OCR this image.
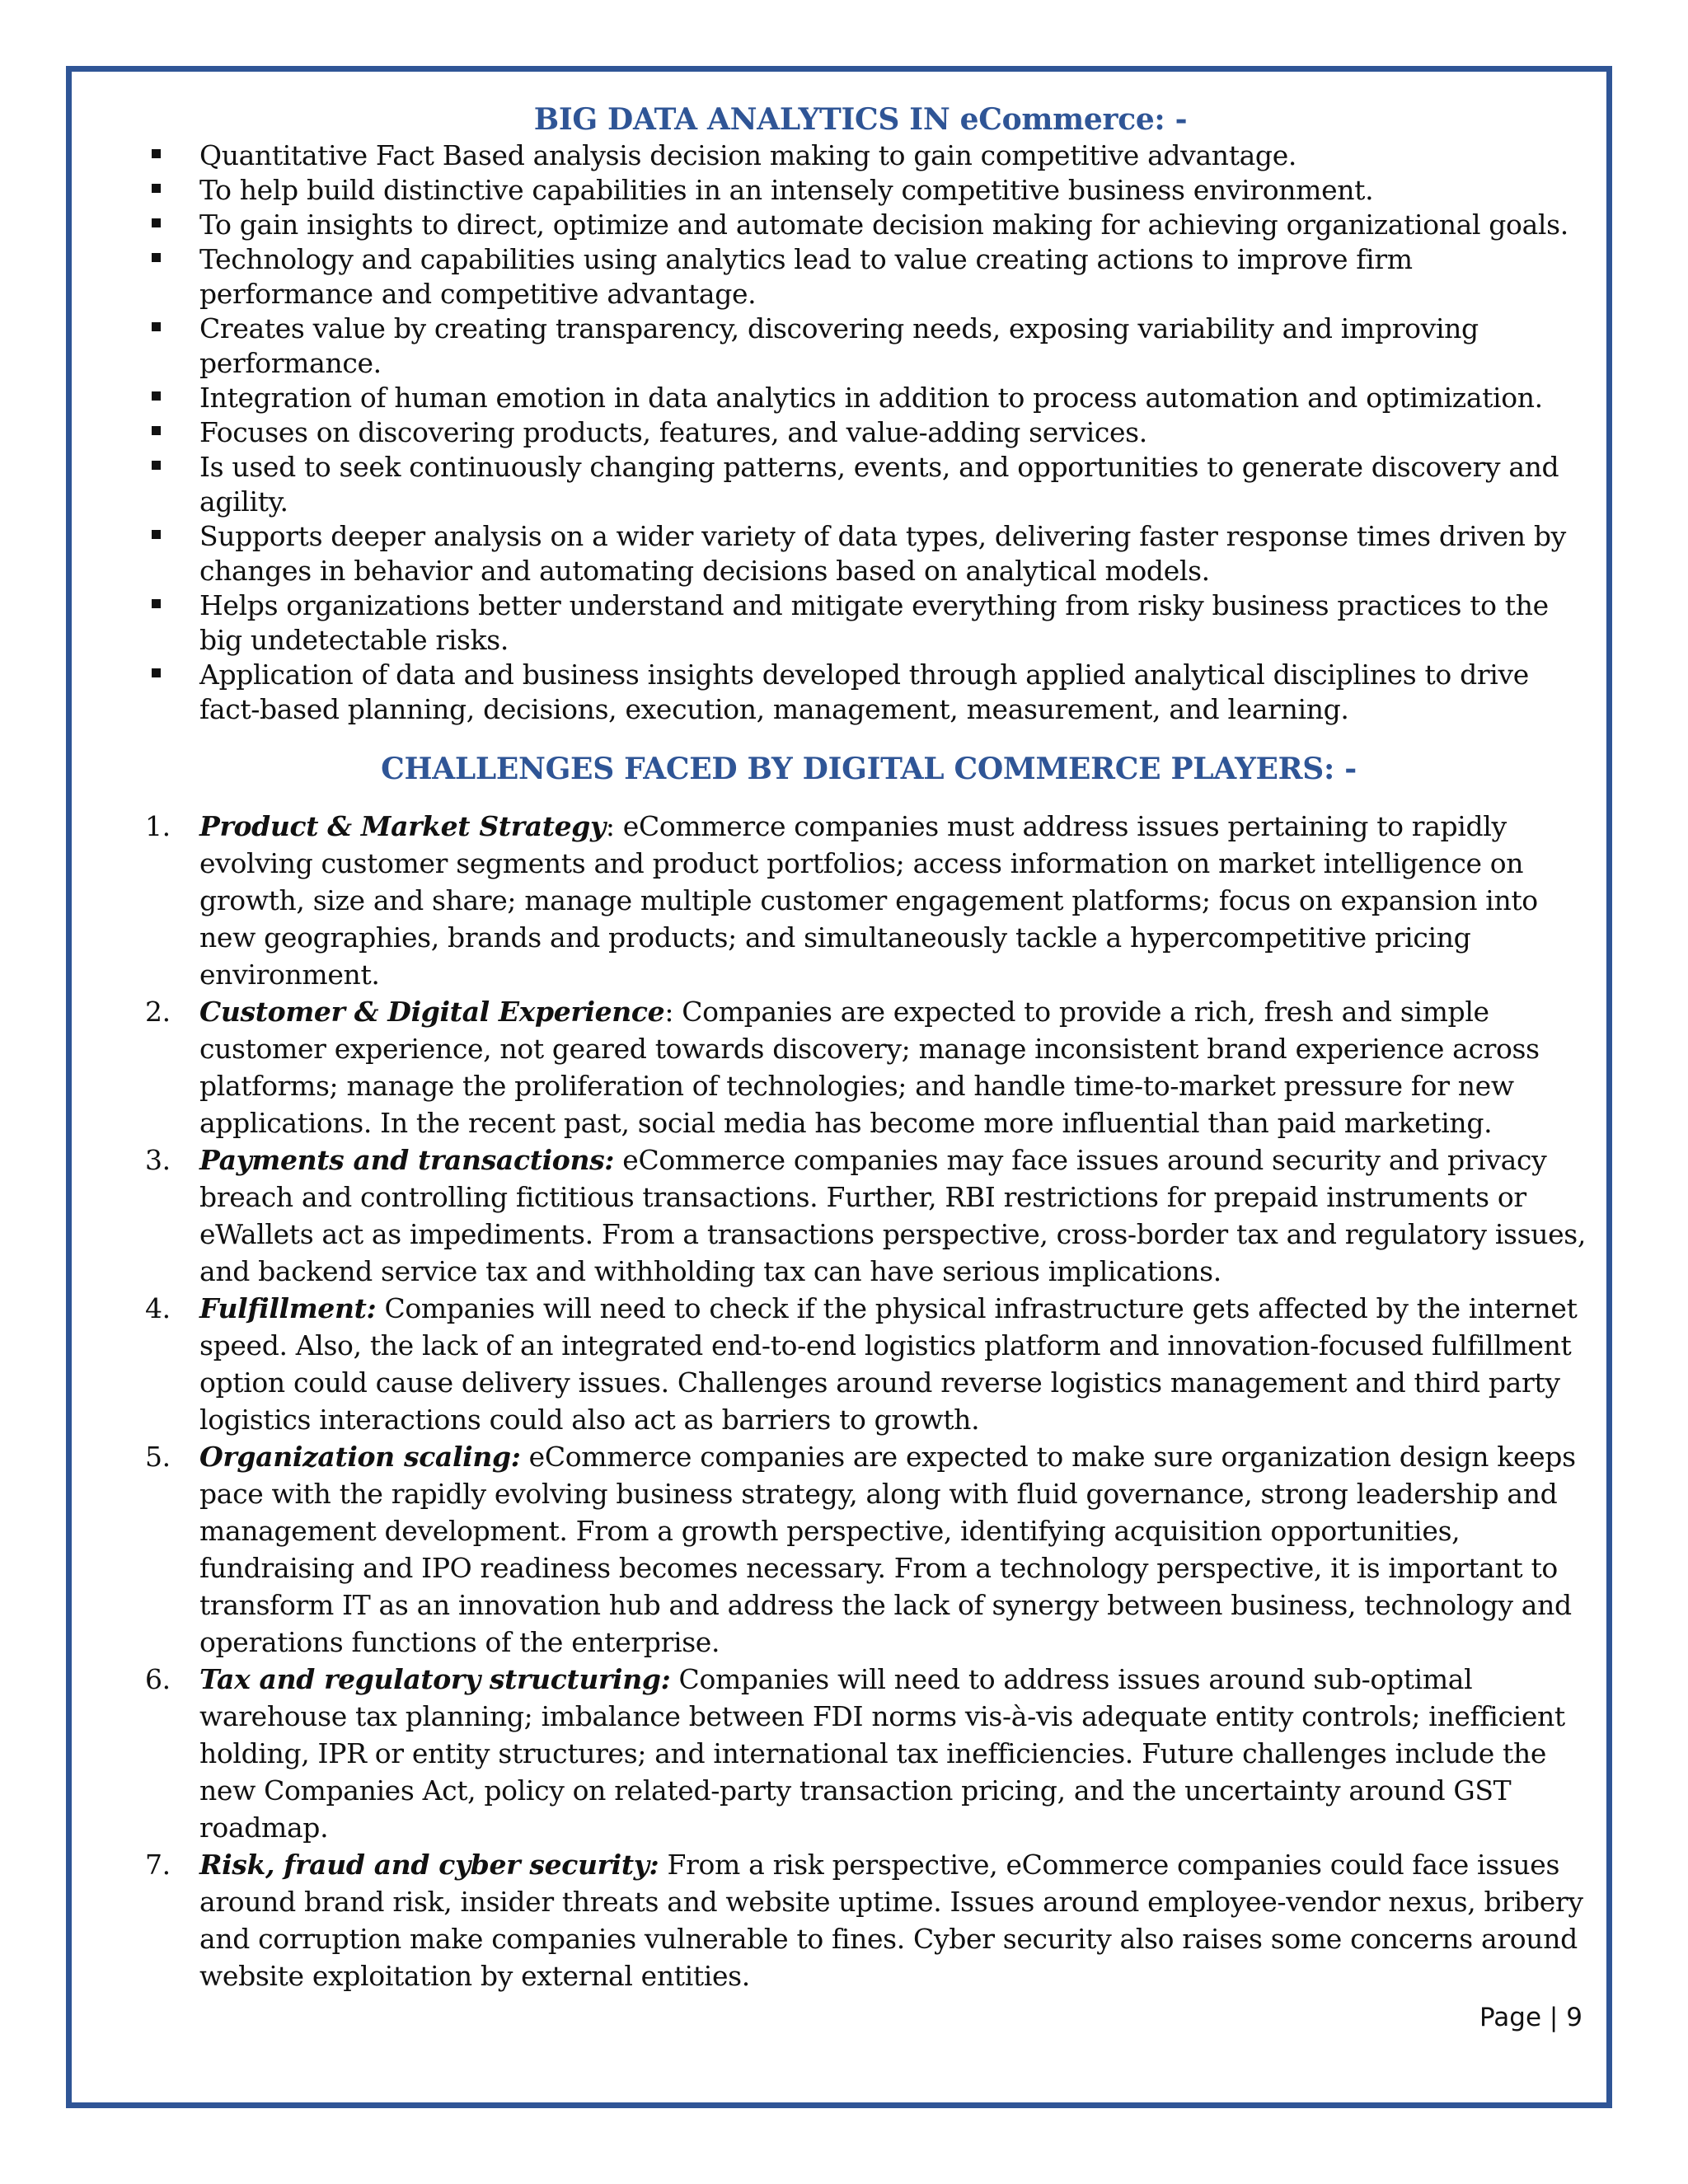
BIG DATA ANALYTICS IN eCommerce: -
Quantitative Fact Based analysis decision making to gain competitive advantage.
To help build distinctive capabilities in an intensely competitive business environment.
To gain insights to direct, optimize and automate decision making for achieving organizational goals.
Technology and capabilities using analytics lead to value creating actions to improve firm performance and competitive advantage.
Creates value by creating transparency, discovering needs, exposing variability and improving performance.
Integration of human emotion in data analytics in addition to process automation and optimization.
Focuses on discovering products, features, and value-adding services.
Is used to seek continuously changing patterns, events, and opportunities to generate discovery and agility.
Supports deeper analysis on a wider variety of data types, delivering faster response times driven by changes in behavior and automating decisions based on analytical models.
Helps organizations better understand and mitigate everything from risky business practices to the big undetectable risks.
Application of data and business insights developed through applied analytical disciplines to drive fact-based planning, decisions, execution, management, measurement, and learning.
CHALLENGES FACED BY DIGITAL COMMERCE PLAYERS: -
1. Product & Market Strategy: eCommerce companies must address issues pertaining to rapidly evolving customer segments and product portfolios; access information on market intelligence on growth, size and share; manage multiple customer engagement platforms; focus on expansion into new geographies, brands and products; and simultaneously tackle a hypercompetitive pricing environment.
2. Customer & Digital Experience: Companies are expected to provide a rich, fresh and simple customer experience, not geared towards discovery; manage inconsistent brand experience across platforms; manage the proliferation of technologies; and handle time-to-market pressure for new applications. In the recent past, social media has become more influential than paid marketing.
3. Payments and transactions: eCommerce companies may face issues around security and privacy breach and controlling fictitious transactions. Further, RBI restrictions for prepaid instruments or eWallets act as impediments. From a transactions perspective, cross-border tax and regulatory issues, and backend service tax and withholding tax can have serious implications.
4. Fulfillment: Companies will need to check if the physical infrastructure gets affected by the internet speed. Also, the lack of an integrated end-to-end logistics platform and innovation-focused fulfillment option could cause delivery issues. Challenges around reverse logistics management and third party logistics interactions could also act as barriers to growth.
5. Organization scaling: eCommerce companies are expected to make sure organization design keeps pace with the rapidly evolving business strategy, along with fluid governance, strong leadership and management development. From a growth perspective, identifying acquisition opportunities, fundraising and IPO readiness becomes necessary. From a technology perspective, it is important to transform IT as an innovation hub and address the lack of synergy between business, technology and operations functions of the enterprise.
6. Tax and regulatory structuring: Companies will need to address issues around sub-optimal warehouse tax planning; imbalance between FDI norms vis-à-vis adequate entity controls; inefficient holding, IPR or entity structures; and international tax inefficiencies. Future challenges include the new Companies Act, policy on related-party transaction pricing, and the uncertainty around GST roadmap.
7. Risk, fraud and cyber security: From a risk perspective, eCommerce companies could face issues around brand risk, insider threats and website uptime. Issues around employee-vendor nexus, bribery and corruption make companies vulnerable to fines. Cyber security also raises some concerns around website exploitation by external entities.
Page | 9
